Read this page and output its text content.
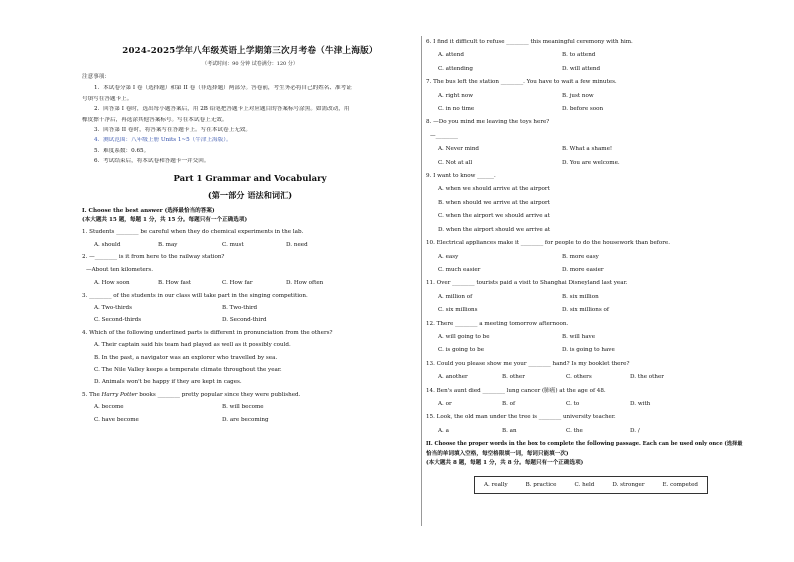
2024-2025学年八年级英语上学期第三次月考卷（牛津上海版）
（考试时间：90 分钟 试卷满分：120 分）
注意事项：
1．本试卷分第 I 卷（选择题）和第 II 卷（非选择题）两部分。答卷前，考生务必将自己的姓名、准考证
号填写在答题卡上。
2．回答第 I 卷时，选出每小题答案后，用 2B 铅笔把答题卡上对应题目的答案标号涂黑。如需改动，用
橡皮擦干净后，再选涂其他答案标号。写在本试卷上无效。
3．回答第 II 卷时，将答案写在答题卡上。写在本试卷上无效。
4．测试范围：八年级上册 Units 1~5（牛津上海版）。
5．难度系数：0.65。
6．考试结束后，将本试卷和答题卡一并交回。
Part 1 Grammar and Vocabulary
(第一部分 语法和词汇)
I. Choose the best answer (选择最恰当的答案)
(本大题共 15 题，每题 1 分，共 15 分。每题只有一个正确选项)
1. Students ________ be careful when they do chemical experiments in the lab.
A. should	B. may	C. must	D. need
2. —________ is it from here to the railway station?
—About ten kilometers.
A. How soon	B. How fast	C. How far	D. How often
3. ________ of the students in our class will take part in the singing competition.
A. Two-thirds	B. Two-third
C. Second-thirds	D. Second-third
4. Which of the following underlined parts is different in pronunciation from the others?
A. Their captain said his team had played as well as it possibly could.
B. In the past, a navigator was an explorer who travelled by sea.
C. The Nile Valley keeps a temperate climate throughout the year.
D. Animals won't be happy if they are kept in cages.
5. The Harry Potter books ________ pretty popular since they were published.
A. become	B. will become
C. have become	D. are becoming
6. I find it difficult to refuse ________ this meaningful ceremony with him.
A. attend	B. to attend
C. attending	D. will attend
7. The bus left the station ________. You have to wait a few minutes.
A. right now	B. just now
C. in no time	D. before soon
8. —Do you mind me leaving the toys here?
—________
A. Never mind	B. What a shame!
C. Not at all	D. You are welcome.
9. I want to know ______.
A. when we should arrive at the airport
B. when should we arrive at the airport
C. when the airport we should arrive at
D. when the airport should we arrive at
10. Electrical appliances make it ________ for people to do the housework than before.
A. easy	B. more easy
C. much easier	D. more easier
11. Over ________ tourists paid a visit to Shanghai Disneyland last year.
A. million of	B. six million
C. six millions	D. six millions of
12. There ________ a meeting tomorrow afternoon.
A. will going to be	B. will have
C. is going to be	D. is going to have
13. Could you please show me your ________ hand? Is my booklet there?
A. another	B. other	C. others	D. the other
14. Ben's aunt died ________ lung cancer (肺癌) at the age of 48.
A. or	B. of	C. to	D. with
15. Look, the old man under the tree is ________ university teacher.
A. a	B. an	C. the	D. /
II. Choose the proper words in the box to complete the following passage. Each can be used only once (选择最
恰当的单词填入空格，每空格限填一词，每词只能填一次)
(本大题共 8 题，每题 1 分，共 8 分。每题只有一个正确选项)
A. really	B. practice	C. held	D. stronger	E. competed
